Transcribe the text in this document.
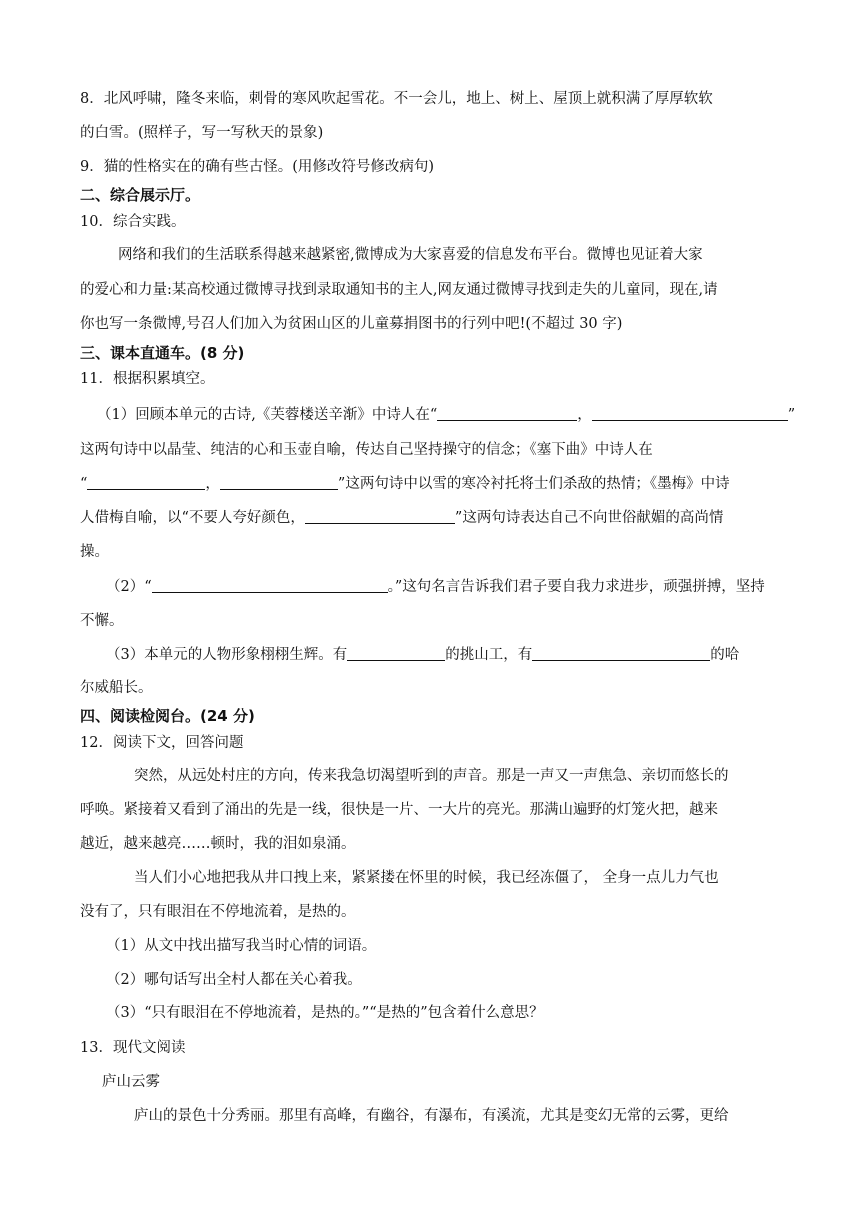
8．北风呼啸，隆冬来临，刺骨的寒风吹起雪花。不一会儿，地上、树上、屋顶上就积满了厚厚软软
的白雪。(照样子，写一写秋天的景象)
9．猫的性格实在的确有些古怪。(用修改符号修改病句)
二、综合展示厅。
10．综合实践。
网络和我们的生活联系得越来越紧密,微博成为大家喜爱的信息发布平台。微博也见证着大家
的爱心和力量:某高校通过微博寻找到录取通知书的主人,网友通过微博寻找到走失的儿童同，现在,请
你也写一条微博,号召人们加入为贫困山区的儿童募捐图书的行列中吧!(不超过 30 字)
三、课本直通车。(8 分)
11．根据积累填空。
（1）回顾本单元的古诗,《芙蓉楼送辛渐》中诗人在“	，	”
这两句诗中以晶莹、纯洁的心和玉壶自喻，传达自己坚持操守的信念；《塞下曲》中诗人在
“	，	”这两句诗中以雪的寒冷衬托将士们杀敌的热情；《墨梅》中诗
人借梅自喻，以“不要人夸好颜色，	”这两句诗表达自己不向世俗献媚的高尚情
操。
（2）“	。”这句名言告诉我们君子要自我力求进步，顽强拼搏，坚持
不懈。
（3）本单元的人物形象栩栩生辉。有	的挑山工，有	的哈
尔威船长。
四、阅读检阅台。(24 分)
12．阅读下文，回答问题
突然，从远处村庄的方向，传来我急切渴望听到的声音。那是一声又一声焦急、亲切而悠长的
呼唤。紧接着又看到了涌出的先是一线，很快是一片、一大片的亮光。那满山遍野的灯笼火把，越来
越近，越来越亮……顿时，我的泪如泉涌。
当人们小心地把我从井口拽上来，紧紧搂在怀里的时候，我已经冻僵了， 全身一点儿力气也
没有了，只有眼泪在不停地流着，是热的。
（1）从文中找出描写我当时心情的词语。
（2）哪句话写出全村人都在关心着我。
（3）“只有眼泪在不停地流着，是热的。”“是热的”包含着什么意思？
13．现代文阅读
庐山云雾
庐山的景色十分秀丽。那里有高峰，有幽谷，有瀑布，有溪流，尤其是变幻无常的云雾，更给
